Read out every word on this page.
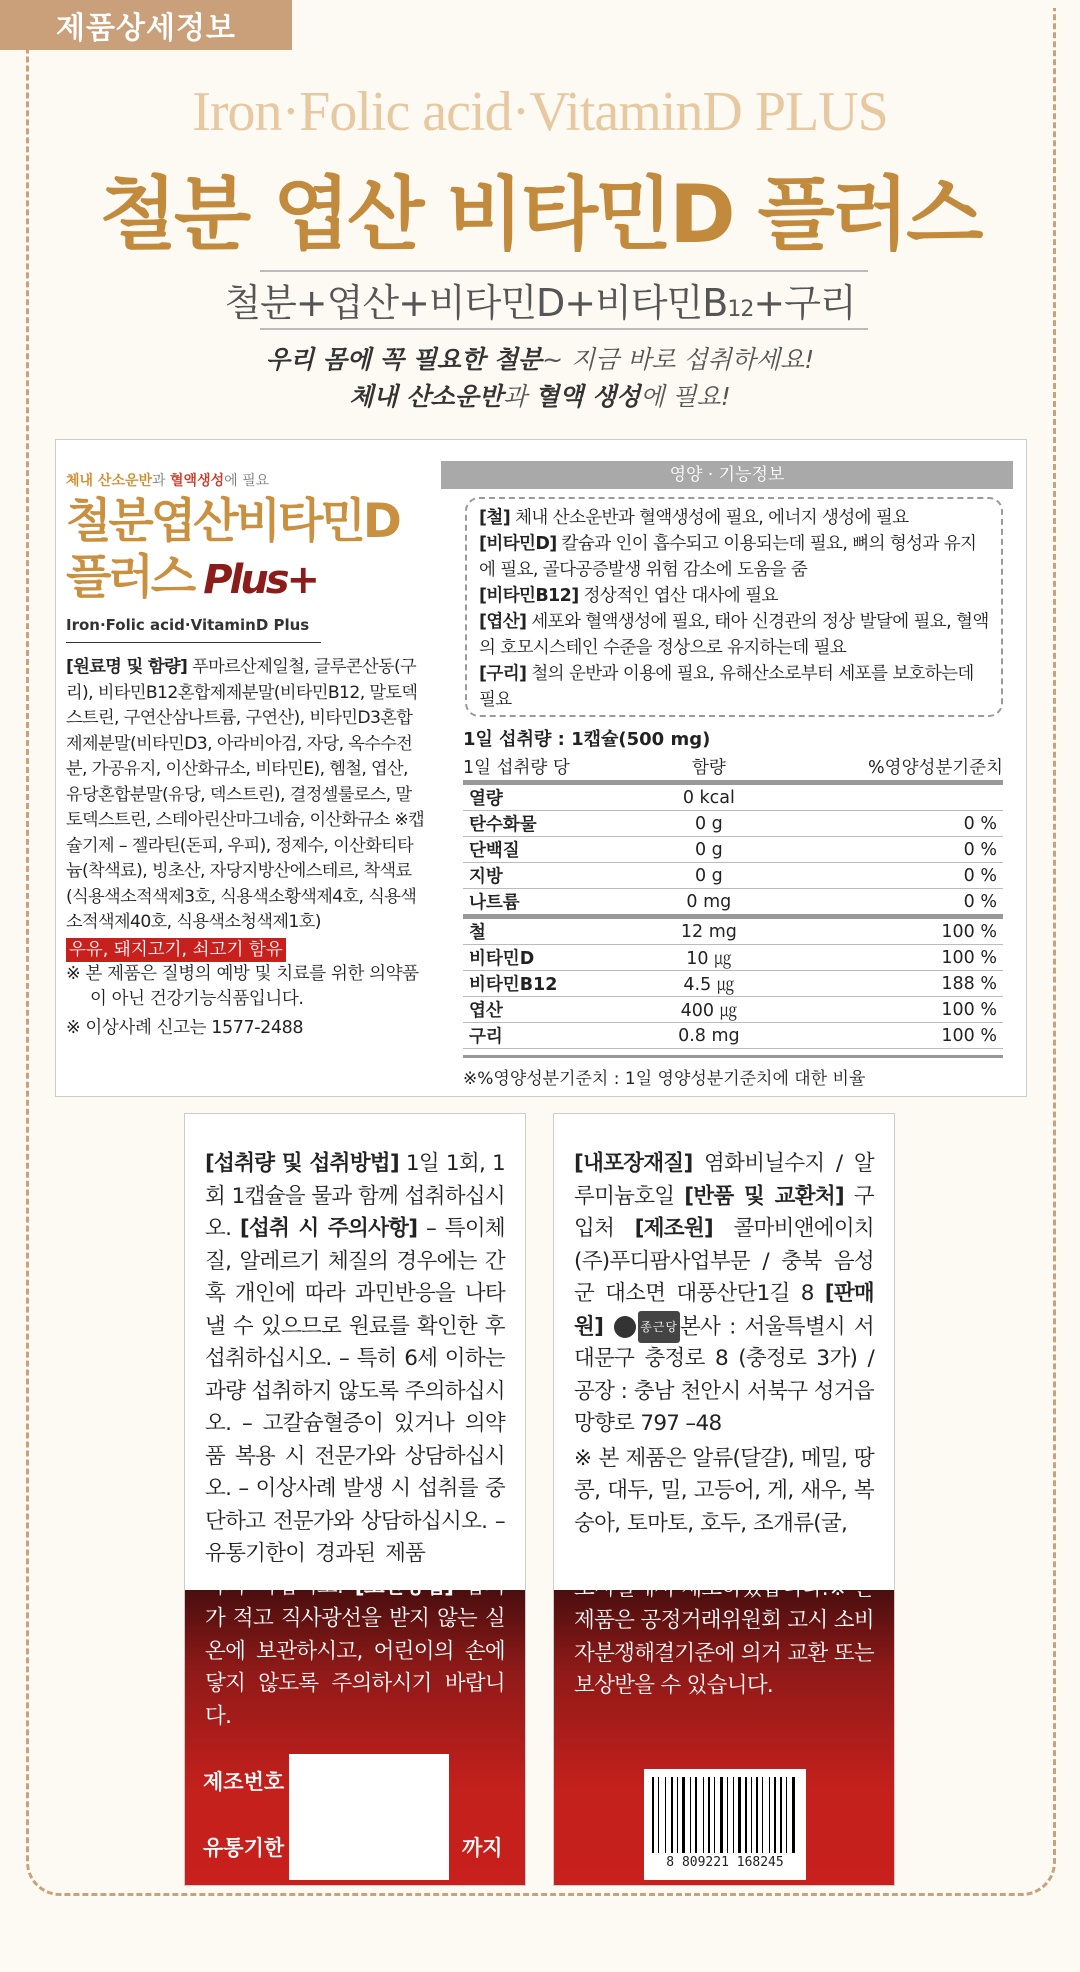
제품상세정보
Iron·Folic acid·VitaminD PLUS
철분 엽산 비타민D 플러스
철분+엽산+비타민D+비타민B12+구리
우리 몸에 꼭 필요한 철분~ 지금 바로 섭취하세요!
체내 산소운반과 혈액 생성에 필요!
체내 산소운반과 혈액생성에 필요
철분엽산비타민D
플러스 Plus+
Iron·Folic acid·VitaminD Plus
[원료명 및 함량] 푸마르산제일철, 글루콘산동(구리), 비타민B12혼합제제분말(비타민B12, 말토덱스트린, 구연산삼나트륨, 구연산), 비타민D3혼합제제분말(비타민D3, 아라비아검, 자당, 옥수수전분, 가공유지, 이산화규소, 비타민E), 헴철, 엽산, 유당혼합분말(유당, 덱스트린), 결정셀룰로스, 말토덱스트린, 스테아린산마그네슘, 이산화규소 ※캡슐기제 – 젤라틴(돈피, 우피), 정제수, 이산화티타늄(착색료), 빙초산, 자당지방산에스테르, 착색료(식용색소적색제3호, 식용색소황색제4호, 식용색소적색제40호, 식용색소청색제1호)
우유, 돼지고기, 쇠고기 함유
※ 본 제품은 질병의 예방 및 치료를 위한 의약품이 아닌 건강기능식품입니다.
※ 이상사례 신고는 1577-2488
영양 · 기능정보
[철] 체내 산소운반과 혈액생성에 필요, 에너지 생성에 필요
[비타민D] 칼슘과 인이 흡수되고 이용되는데 필요, 뼈의 형성과 유지에 필요, 골다공증발생 위험 감소에 도움을 줌
[비타민B12] 정상적인 엽산 대사에 필요
[엽산] 세포와 혈액생성에 필요, 태아 신경관의 정상 발달에 필요, 혈액의 호모시스테인 수준을 정상으로 유지하는데 필요
[구리] 철의 운반과 이용에 필요, 유해산소로부터 세포를 보호하는데 필요
1일 섭취량 : 1캡슐(500 mg)
1일 섭취량 당	함량	%영양성분기준치
열량	0 kcal	
탄수화물	0 g	0 %
단백질	0 g	0 %
지방	0 g	0 %
나트륨	0 mg	0 %
철	12 mg	100 %
비타민D	10 ㎍	100 %
비타민B12	4.5 ㎍	188 %
엽산	400 ㎍	100 %
구리	0.8 mg	100 %
※%영양성분기준치 : 1일 영양성분기준치에 대한 비율
[섭취량 및 섭취방법] 1일 1회, 1회 1캡슐을 물과 함께 섭취하십시오. [섭취 시 주의사항] – 특이체질, 알레르기 체질의 경우에는 간혹 개인에 따라 과민반응을 나타낼 수 있으므로 원료를 확인한 후 섭취하십시오. – 특히 6세 이하는 과량 섭취하지 않도록 주의하십시오. – 고칼슘혈증이 있거나 의약품 복용 시 전문가와 상담하십시오. – 이상사례 발생 시 섭취를 중단하고 전문가와 상담하십시오. – 유통기한이 경과된 제품 은 섭취하지 마십시오. [보관방법] 습기가 적고 직사광선을 받지 않는 실온에 보관하시고, 어린이의 손에 닿지 않도록 주의하시기 바랍니다.
제조번호
유통기한	까지
[내포장재질] 염화비닐수지 / 알루미늄호일 [반품 및 교환처] 구입처 [제조원] 콜마비앤에이치(주)푸디팜사업부문 / 충북 음성군 대소면 대풍산단1길 8 [판매원]	종근당본사 : 서울특별시 서대문구 충정로 8 (충정로 3가) / 공장 : 충남 천안시 서북구 성거읍 망향로 797 –48
※ 본 제품은 알류(달걀), 메밀, 땅콩, 대두, 밀, 고등어, 게, 새우, 복숭아, 토마토, 호두, 조개류(굴, 홍합 포함)를 사용한 제품과 같은 제조시설에서 제조하였습니다.※ 본 제품은 공정거래위원회 고시 소비자분쟁해결기준에 의거 교환 또는 보상받을 수 있습니다.
8 809221 168245
